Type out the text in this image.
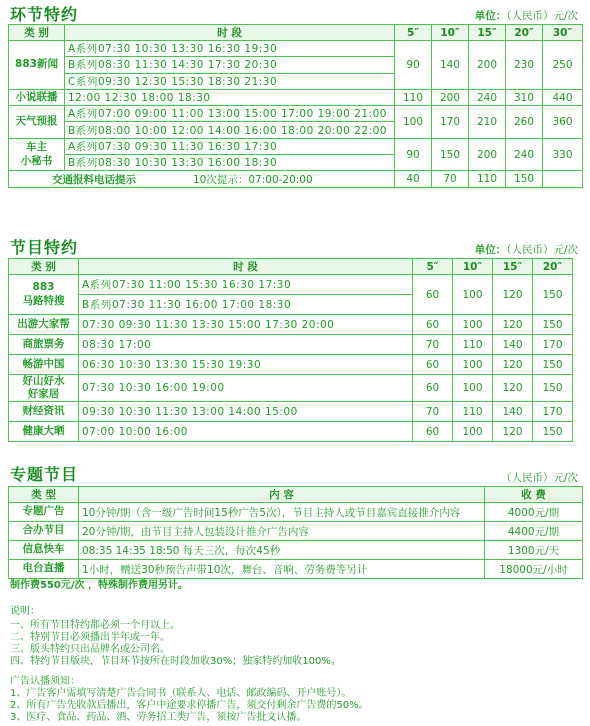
环节特约	单位：（人民币）元/次
类 别	时 段	5″	10″	15″	20″	30″
883新闻	A系列07:30 10:30 13:30 16:30 19:30	90	140	200	230	250
	B系列08:30 11:30 14:30 17:30 20:30					
	C系列09:30 12:30 15:30 18:30 21:30					
小说联播	12:00 12:30 18:00 18:30	110	200	240	310	440
天气预报	A系列07:00 09:00 11:00 13:00 15:00 17:00 19:00 21:00	100	170	210	260	360
	B系列08:00 10:00 12:00 14:00 16:00 18:00 20:00 22:00					
车主
小秘书	A系列07:30 09:30 11:30 16:30 17:30	90	150	200	240	330
	B系列08:30 10:30 13:30 16:00 18:30					

交通报料电话提示 10次提示：07:00-20:00		40	70	110	150	
节目特约	单位：（人民币）元/次
类 别	时 段	5″	10″	15″	20″
883
马路特搜	A系列07:30 11:00 15:30 16:30 17:30	60	100	120	150
	B系列07:30 11:30 16:00 17:00 18:30				
出游大家帮	07:30 09:30 11:30 13:30 15:00 17:30 20:00	60	100	120	150
商旅票务	08:30 17:00	70	110	140	170
畅游中国	06:30 10:30 13:30 15:30 19:30	60	100	120	150
好山好水
好家居	07:30 10:30 16:00 19:00	60	100	120	150
财经资讯	09:30 10:30 11:30 13:00 14:00 15:00	70	110	140	170
健康大晒	07:00 10:00 16:00	60	100	120	150
专题节目	（人民币）元/次
类 型	内 容	收 费
专题广告	10分钟/期（含一级广告时间15秒广告5次），节目主持人或节目嘉宾直接推介内容	4000元/期
合办节目	20分钟/期，由节目主持人包装设计推介广告内容	4400元/期
信息快车	08:35 14:35 18:50 每天三次，每次45秒	1300元/天
电台直播	1小时，赠送30秒预告声带10次，舞台、音响、劳务费等另计	18000元/小时
制作费550元/次 ，特殊制作费用另计。
说明：
一、所有节目特约都必须一个月以上。
二、特别节目必须播出半年或一年。
三、版头特约只出品牌名或公司名。
四、特约节目版块，节目环节按所在时段加收30%；独家特约加收100%。
广告认播须知：
1、广告客户需填写清楚广告合同书（联系人、电话、邮政编码、开户账号）。
2、所有广告先收款后播出，客户中途要求停播广告，须交付剩余广告费的50%。
3、医疗、食品、药品、酒、劳务招工类广告，须按广告批文认播。
